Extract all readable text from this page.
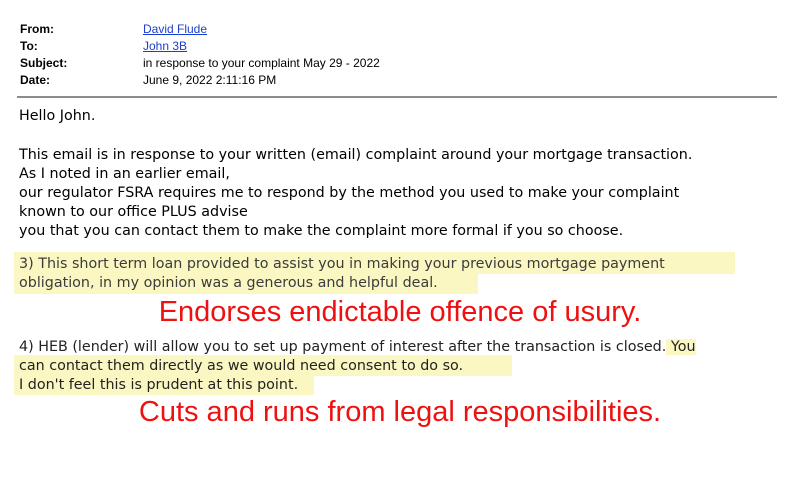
From:	David Flude
To:	John 3B
Subject:	in response to your complaint May 29 - 2022
Date:	June 9, 2022 2:11:16 PM
Hello John.
This email is in response to your written (email) complaint around your mortgage transaction.
As I noted in an earlier email,
our regulator FSRA requires me to respond by the method you used to make your complaint
known to our office PLUS advise
you that you can contact them to make the complaint more formal if you so choose.
3) This short term loan provided to assist you in making your previous mortgage payment
obligation, in my opinion was a generous and helpful deal.
Endorses endictable offence of usury.
4) HEB (lender) will allow you to set up payment of interest after the transaction is closed. You
can contact them directly as we would need consent to do so.
I don't feel this is prudent at this point.
Cuts and runs from legal responsibilities.
